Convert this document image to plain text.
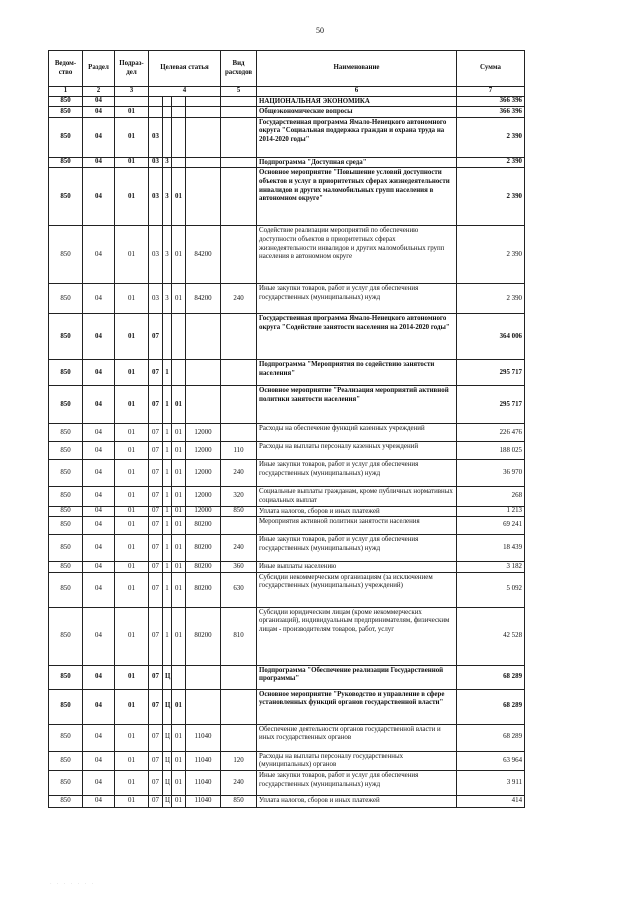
50
Ведом-ство	Раздел	Подраз-дел	Целевая статья				Вид расходов	Наименование	Сумма
1	2	3	4				5	6	7
850	04							НАЦИОНАЛЬНАЯ ЭКОНОМИКА	366 396
850	04	01						Общеэкономические вопросы	366 396
850	04	01	03					Государственная программа Ямало-Ненецкого автономного округа "Социальная поддержка граждан и охрана труда на 2014-2020 годы"	2 390
850	04	01	03	3				Подпрограмма "Доступная среда"	2 390
850	04	01	03	3	01			Основное мероприятие "Повышение условий доступности объектов и услуг в приоритетных сферах жизнедеятельности инвалидов и других маломобильных групп населения в автономном округе"	2 390
850	04	01	03	3	01	84200		Содействие реализации мероприятий по обеспечению доступности объектов в приоритетных сферах жизнедеятельности инвалидов и других маломобильных групп населения в автономном округе	2 390
850	04	01	03	3	01	84200	240	Иные закупки товаров, работ и услуг для обеспечения государственных (муниципальных) нужд	2 390
850	04	01	07					Государственная программа Ямало-Ненецкого автономного округа "Содействие занятости населения на 2014-2020 годы"	364 006
850	04	01	07	1				Подпрограмма "Мероприятия по содействию занятости населения"	295 717
850	04	01	07	1	01			Основное мероприятие "Реализация мероприятий активной политики занятости населения"	295 717
850	04	01	07	1	01	12000		Расходы на обеспечение функций казенных учреждений	226 476
850	04	01	07	1	01	12000	110	Расходы на выплаты персоналу казенных учреждений	188 025
850	04	01	07	1	01	12000	240	Иные закупки товаров, работ и услуг для обеспечения государственных (муниципальных) нужд	36 970
850	04	01	07	1	01	12000	320	Социальные выплаты гражданам, кроме публичных нормативных социальных выплат	268
850	04	01	07	1	01	12000	850	Уплата налогов, сборов и иных платежей	1 213
850	04	01	07	1	01	80200		Мероприятия активной политики занятости населения	69 241
850	04	01	07	1	01	80200	240	Иные закупки товаров, работ и услуг для обеспечения государственных (муниципальных) нужд	18 439
850	04	01	07	1	01	80200	360	Иные выплаты населению	3 182
850	04	01	07	1	01	80200	630	Субсидии некоммерческим организациям (за исключением государственных (муниципальных) учреждений)	5 092
850	04	01	07	1	01	80200	810	Субсидии юридическим лицам (кроме некоммерческих организаций), индивидуальным предпринимателям, физическим лицам - производителям товаров, работ, услуг	42 528
850	04	01	07	Ц				Подпрограмма "Обеспечение реализации Государственной программы"	68 289
850	04	01	07	Ц	01			Основное мероприятие "Руководство и управление в сфере установленных функций органов государственной власти"	68 289
850	04	01	07	Ц	01	11040		Обеспечение деятельности органов государственной власти и иных государственных органов	68 289
850	04	01	07	Ц	01	11040	120	Расходы на выплаты персоналу государственных (муниципальных) органов	63 964
850	04	01	07	Ц	01	11040	240	Иные закупки товаров, работ и услуг для обеспечения государственных (муниципальных) нужд	3 911
850	04	01	07	Ц	01	11040	850	Уплата налогов, сборов и иных платежей	414
· · · · · · ·
